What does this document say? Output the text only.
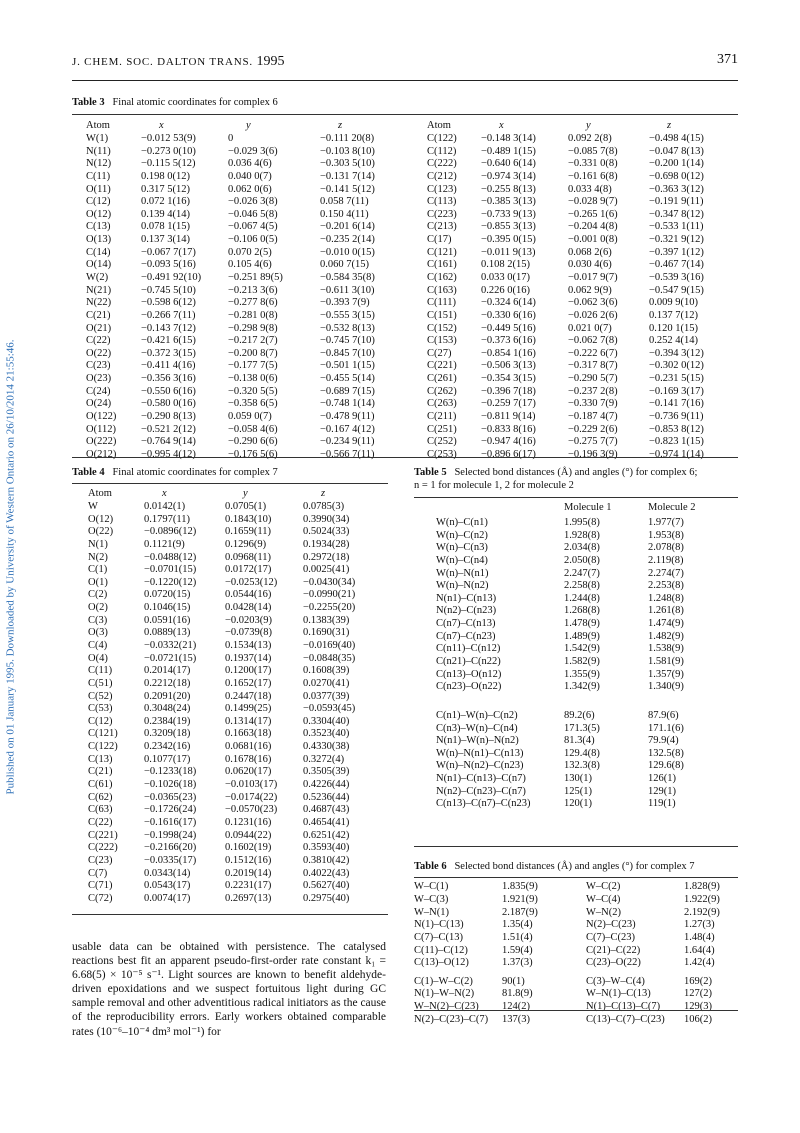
Published on 01 January 1995. Downloaded by University of Western Ontario on 26/10/2014 21:55:46.
J. CHEM. SOC. DALTON TRANS. 1995	371
Table 3 Final atomic coordinates for complex 6
Atom	x	y	z	Atom	x	y	z
W(1)	−0.012 53(9)	0	−0.111 20(8)	C(122)	−0.148 3(14)	0.092 2(8)	−0.498 4(15)
N(11)	−0.273 0(10)	−0.029 3(6)	−0.103 8(10)	C(112)	−0.489 1(15)	−0.085 7(8)	−0.047 8(13)
N(12)	−0.115 5(12)	0.036 4(6)	−0.303 5(10)	C(222)	−0.640 6(14)	−0.331 0(8)	−0.200 1(14)
C(11)	0.198 0(12)	0.040 0(7)	−0.131 7(14)	C(212)	−0.974 3(14)	−0.161 6(8)	−0.698 0(12)
O(11)	0.317 5(12)	0.062 0(6)	−0.141 5(12)	C(123)	−0.255 8(13)	0.033 4(8)	−0.363 3(12)
C(12)	0.072 1(16)	−0.026 3(8)	0.058 7(11)	C(113)	−0.385 3(13)	−0.028 9(7)	−0.191 9(11)
O(12)	0.139 4(14)	−0.046 5(8)	0.150 4(11)	C(223)	−0.733 9(13)	−0.265 1(6)	−0.347 8(12)
C(13)	0.078 1(15)	−0.067 4(5)	−0.201 6(14)	C(213)	−0.855 3(13)	−0.204 4(8)	−0.533 1(11)
O(13)	0.137 3(14)	−0.106 0(5)	−0.235 2(14)	C(17)	−0.395 0(15)	−0.001 0(8)	−0.321 9(12)
C(14)	−0.067 7(17)	0.070 2(5)	−0.010 0(15)	C(121)	−0.011 9(13)	0.068 2(6)	−0.397 1(12)
O(14)	−0.093 5(16)	0.105 4(6)	0.060 7(15)	C(161)	0.108 2(15)	0.030 4(6)	−0.467 7(14)
W(2)	−0.491 92(10)	−0.251 89(5)	−0.584 35(8)	C(162)	0.033 0(17)	−0.017 9(7)	−0.539 3(16)
N(21)	−0.745 5(10)	−0.213 3(6)	−0.611 3(10)	C(163)	0.226 0(16)	0.062 9(9)	−0.547 9(15)
N(22)	−0.598 6(12)	−0.277 8(6)	−0.393 7(9)	C(111)	−0.324 6(14)	−0.062 3(6)	0.009 9(10)
C(21)	−0.266 7(11)	−0.281 0(8)	−0.555 3(15)	C(151)	−0.330 6(16)	−0.026 2(6)	0.137 7(12)
O(21)	−0.143 7(12)	−0.298 9(8)	−0.532 8(13)	C(152)	−0.449 5(16)	0.021 0(7)	0.120 1(15)
C(22)	−0.421 6(15)	−0.217 2(7)	−0.745 7(10)	C(153)	−0.373 6(16)	−0.062 7(8)	0.252 4(14)
O(22)	−0.372 3(15)	−0.200 8(7)	−0.845 7(10)	C(27)	−0.854 1(16)	−0.222 6(7)	−0.394 3(12)
C(23)	−0.411 4(16)	−0.177 7(5)	−0.501 1(15)	C(221)	−0.506 3(13)	−0.317 8(7)	−0.302 0(12)
O(23)	−0.356 3(16)	−0.138 0(6)	−0.455 5(14)	C(261)	−0.354 3(15)	−0.290 5(7)	−0.231 5(15)
C(24)	−0.550 6(16)	−0.320 5(5)	−0.689 7(15)	C(262)	−0.396 7(18)	−0.237 2(8)	−0.169 3(17)
O(24)	−0.580 0(16)	−0.358 6(5)	−0.748 1(14)	C(263)	−0.259 7(17)	−0.330 7(9)	−0.141 7(16)
O(122)	−0.290 8(13)	0.059 0(7)	−0.478 9(11)	C(211)	−0.811 9(14)	−0.187 4(7)	−0.736 9(11)
O(112)	−0.521 2(12)	−0.058 4(6)	−0.167 4(12)	C(251)	−0.833 8(16)	−0.229 2(6)	−0.853 8(12)
O(222)	−0.764 9(14)	−0.290 6(6)	−0.234 9(11)	C(252)	−0.947 4(16)	−0.275 7(7)	−0.823 1(15)
O(212)	−0.995 4(12)	−0.176 5(6)	−0.566 7(11)	C(253)	−0.896 6(17)	−0.196 3(9)	−0.974 1(14)
Table 4 Final atomic coordinates for complex 7
Atom	x	y	z
W	0.0142(1)	0.0705(1)	0.0785(3)
O(12)	0.1797(11)	0.1843(10)	0.3990(34)
O(22)	−0.0896(12)	0.1659(11)	0.5024(33)
N(1)	0.1121(9)	0.1296(9)	0.1934(28)
N(2)	−0.0488(12)	0.0968(11)	0.2972(18)
C(1)	−0.0701(15)	0.0172(17)	0.0025(41)
O(1)	−0.1220(12)	−0.0253(12)	−0.0430(34)
C(2)	0.0720(15)	0.0544(16)	−0.0990(21)
O(2)	0.1046(15)	0.0428(14)	−0.2255(20)
C(3)	0.0591(16)	−0.0203(9)	0.1383(39)
O(3)	0.0889(13)	−0.0739(8)	0.1690(31)
C(4)	−0.0332(21)	0.1534(13)	−0.0169(40)
O(4)	−0.0721(15)	0.1937(14)	−0.0848(35)
C(11)	0.2014(17)	0.1200(17)	0.1608(39)
C(51)	0.2212(18)	0.1652(17)	0.0270(41)
C(52)	0.2091(20)	0.2447(18)	0.0377(39)
C(53)	0.3048(24)	0.1499(25)	−0.0593(45)
C(12)	0.2384(19)	0.1314(17)	0.3304(40)
C(121)	0.3209(18)	0.1663(18)	0.3523(40)
C(122)	0.2342(16)	0.0681(16)	0.4330(38)
C(13)	0.1077(17)	0.1678(16)	0.3272(4)
C(21)	−0.1233(18)	0.0620(17)	0.3505(39)
C(61)	−0.1026(18)	−0.0103(17)	0.4226(44)
C(62)	−0.0365(23)	−0.0174(22)	0.5236(44)
C(63)	−0.1726(24)	−0.0570(23)	0.4687(43)
C(22)	−0.1616(17)	0.1231(16)	0.4654(41)
C(221)	−0.1998(24)	0.0944(22)	0.6251(42)
C(222)	−0.2166(20)	0.1602(19)	0.3593(40)
C(23)	−0.0335(17)	0.1512(16)	0.3810(42)
C(7)	0.0343(14)	0.2019(14)	0.4022(43)
C(71)	0.0543(17)	0.2231(17)	0.5627(40)
C(72)	0.0074(17)	0.2697(13)	0.2975(40)
Table 5 Selected bond distances (Å) and angles (°) for complex 6;
n = 1 for molecule 1, 2 for molecule 2
	Molecule 1	Molecule 2

W(n)–C(n1)	1.995(8)	1.977(7)
W(n)–C(n2)	1.928(8)	1.953(8)
W(n)–C(n3)	2.034(8)	2.078(8)
W(n)–C(n4)	2.050(8)	2.119(8)
W(n)–N(n1)	2.247(7)	2.274(7)
W(n)–N(n2)	2.258(8)	2.253(8)
N(n1)–C(n13)	1.244(8)	1.248(8)
N(n2)–C(n23)	1.268(8)	1.261(8)
C(n7)–C(n13)	1.478(9)	1.474(9)
C(n7)–C(n23)	1.489(9)	1.482(9)
C(n11)–C(n12)	1.542(9)	1.538(9)
C(n21)–C(n22)	1.582(9)	1.581(9)
C(n13)–O(n12)	1.355(9)	1.357(9)
C(n23)–O(n22)	1.342(9)	1.340(9)

C(n1)–W(n)–C(n2)	89.2(6)	87.9(6)
C(n3)–W(n)–C(n4)	171.3(5)	171.1(6)
N(n1)–W(n)–N(n2)	81.3(4)	79.9(4)
W(n)–N(n1)–C(n13)	129.4(8)	132.5(8)
W(n)–N(n2)–C(n23)	132.3(8)	129.6(8)
N(n1)–C(n13)–C(n7)	130(1)	126(1)
N(n2)–C(n23)–C(n7)	125(1)	129(1)
C(n13)–C(n7)–C(n23)	120(1)	119(1)
Table 6 Selected bond distances (Å) and angles (°) for complex 7
W–C(1)	1.835(9)	W–C(2)	1.828(9)
W–C(3)	1.921(9)	W–C(4)	1.922(9)
W–N(1)	2.187(9)	W–N(2)	2.192(9)
N(1)–C(13)	1.35(4)	N(2)–C(23)	1.27(3)
C(7)–C(13)	1.51(4)	C(7)–C(23)	1.48(4)
C(11)–C(12)	1.59(4)	C(21)–C(22)	1.64(4)
C(13)–O(12)	1.37(3)	C(23)–O(22)	1.42(4)

C(1)–W–C(2)	90(1)	C(3)–W–C(4)	169(2)
N(1)–W–N(2)	81.8(9)	W–N(1)–C(13)	127(2)
W–N(2)–C(23)	124(2)	N(1)–C(13)–C(7)	129(3)
N(2)–C(23)–C(7)	137(3)	C(13)–C(7)–C(23)	106(2)
usable data can be obtained with persistence. The catalysed reactions best fit an apparent pseudo-first-order rate constant k₁ = 6.68(5) × 10⁻⁵ s⁻¹. Light sources are known to benefit aldehyde-driven epoxidations and we suspect fortuitous light during GC sample removal and other adventitious radical initiators as the cause of the reproducibility errors. Early workers obtained comparable rates (10⁻⁶–10⁻⁴ dm³ mol⁻¹) for
